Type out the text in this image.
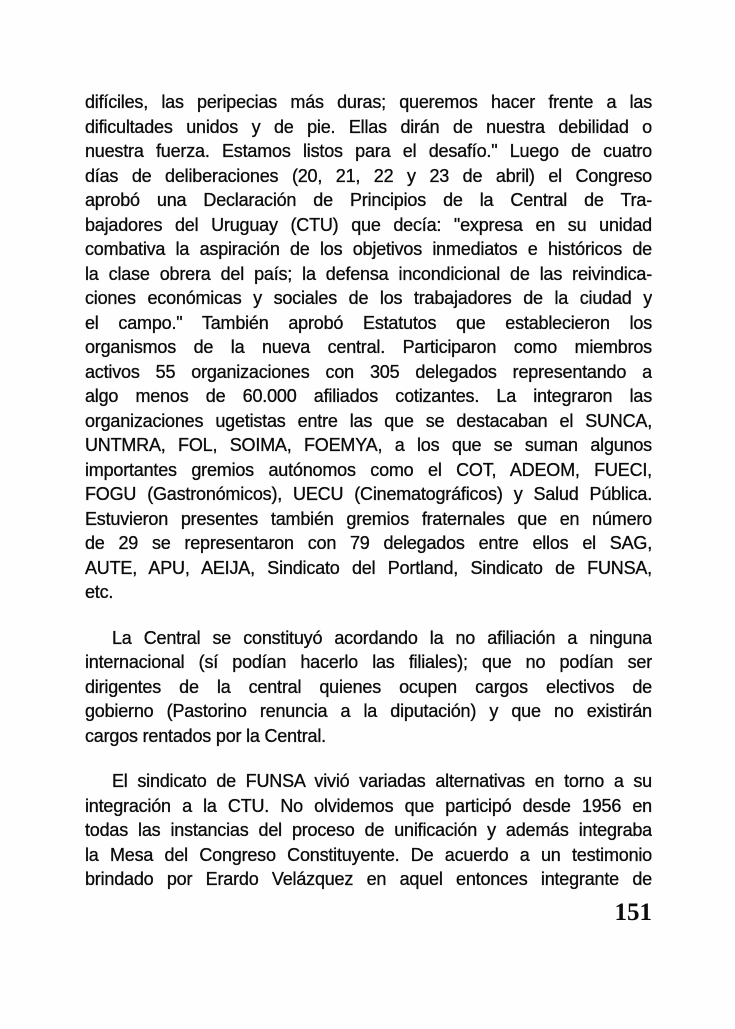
difíciles, las peripecias más duras; queremos hacer frente a las
dificultades unidos y de pie. Ellas dirán de nuestra debilidad o
nuestra fuerza. Estamos listos para el desafío." Luego de cuatro
días de deliberaciones (20, 21, 22 y 23 de abril) el Congreso
aprobó una Declaración de Principios de la Central de Tra-
bajadores del Uruguay (CTU) que decía: "expresa en su unidad
combativa la aspiración de los objetivos inmediatos e históricos de
la clase obrera del país; la defensa incondicional de las reivindica-
ciones económicas y sociales de los trabajadores de la ciudad y
el campo." También aprobó Estatutos que establecieron los
organismos de la nueva central. Participaron como miembros
activos 55 organizaciones con 305 delegados representando a
algo menos de 60.000 afiliados cotizantes. La integraron las
organizaciones ugetistas entre las que se destacaban el SUNCA,
UNTMRA, FOL, SOIMA, FOEMYA, a los que se suman algunos
importantes gremios autónomos como el COT, ADEOM, FUECI,
FOGU (Gastronómicos), UECU (Cinematográficos) y Salud Pública.
Estuvieron presentes también gremios fraternales que en número
de 29 se representaron con 79 delegados entre ellos el SAG,
AUTE, APU, AEIJA, Sindicato del Portland, Sindicato de FUNSA,
etc.
La Central se constituyó acordando la no afiliación a ninguna
internacional (sí podían hacerlo las filiales); que no podían ser
dirigentes de la central quienes ocupen cargos electivos de
gobierno (Pastorino renuncia a la diputación) y que no existirán
cargos rentados por la Central.
El sindicato de FUNSA vivió variadas alternativas en torno a su
integración a la CTU. No olvidemos que participó desde 1956 en
todas las instancias del proceso de unificación y además integraba
la Mesa del Congreso Constituyente. De acuerdo a un testimonio
brindado por Erardo Velázquez en aquel entonces integrante de
151
